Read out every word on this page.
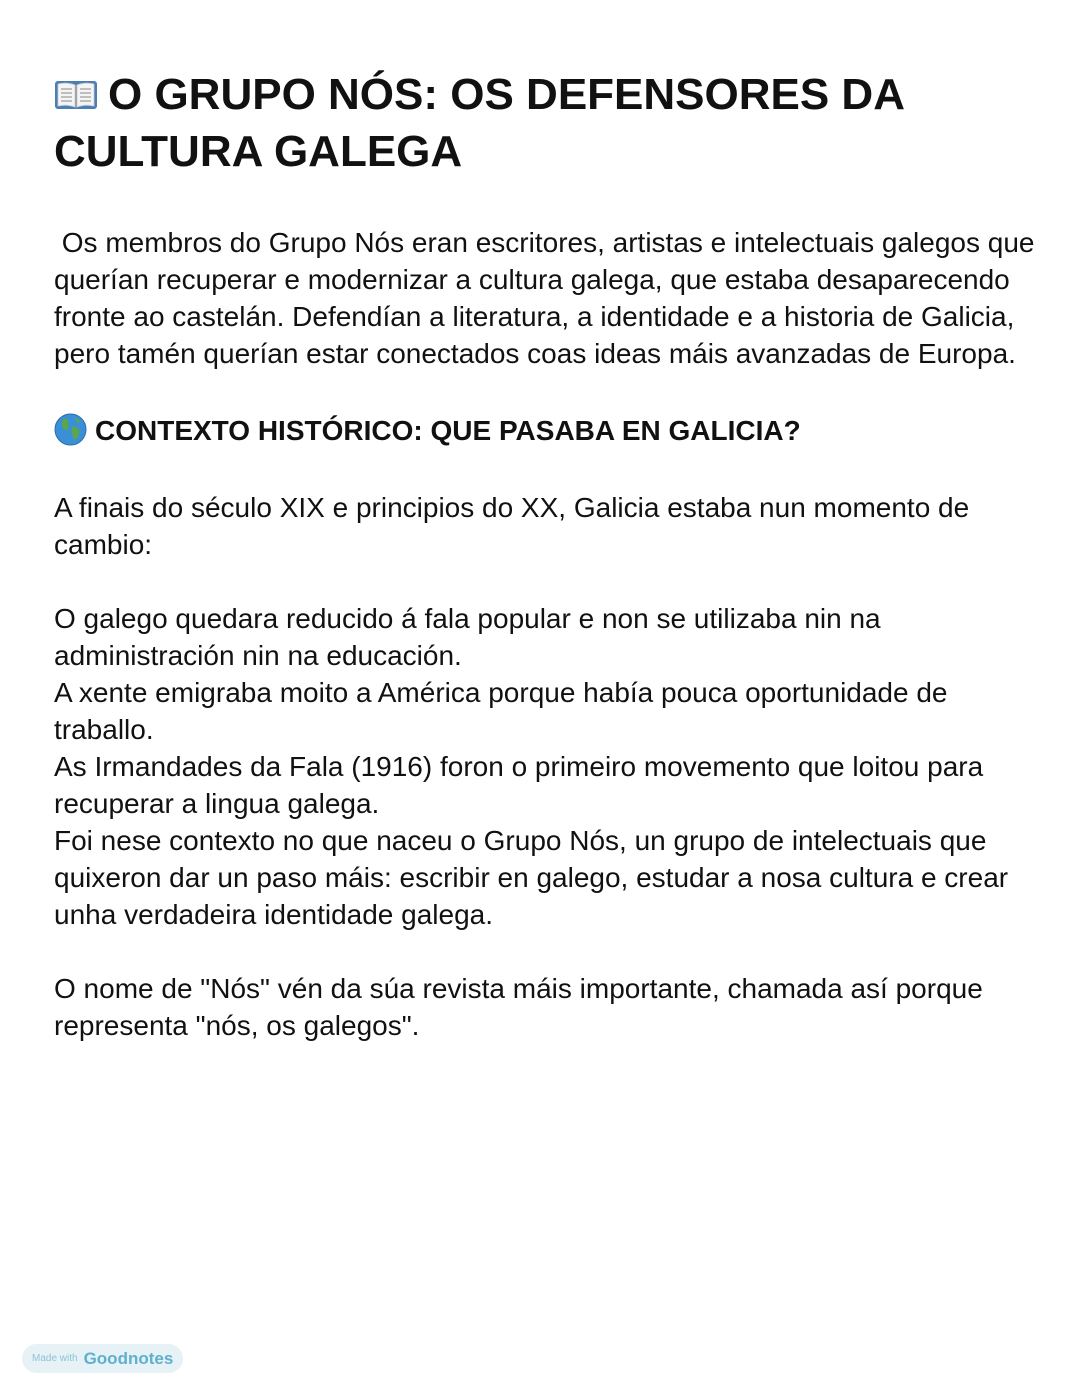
O GRUPO NÓS: OS DEFENSORES DA CULTURA GALEGA

Os membros do Grupo Nós eran escritores, artistas e intelectuais galegos que querían recuperar e modernizar a cultura galega, que estaba desaparecendo fronte ao castelán. Defendían a literatura, a identidade e a historia de Galicia, pero tamén querían estar conectados coas ideas máis avanzadas de Europa.

CONTEXTO HISTÓRICO: QUE PASABA EN GALICIA?

A finais do século XIX e principios do XX, Galicia estaba nun momento de cambio:

O galego quedara reducido á fala popular e non se utilizaba nin na administración nin na educación.

A xente emigraba moito a América porque había pouca oportunidade de traballo.

As Irmandades da Fala (1916) foron o primeiro movemento que loitou para recuperar a lingua galega.

Foi nese contexto no que naceu o Grupo Nós, un grupo de intelectuais que quixeron dar un paso máis: escribir en galego, estudar a nosa cultura e crear unha verdadeira identidade galega.

O nome de "Nós" vén da súa revista máis importante, chamada así porque representa "nós, os galegos".

Made with Goodnotes
